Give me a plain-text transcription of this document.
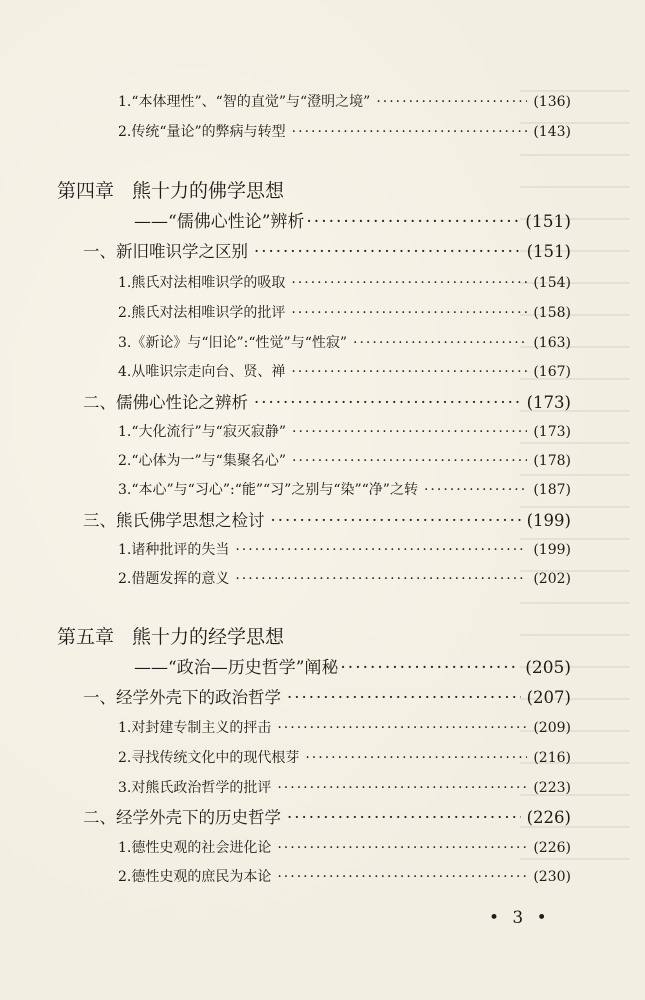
1.“本体理性”、“智的直觉”与“澄明之境” ·····	(136)
2.传统“量论”的弊病与转型 ·····	(143)
第四章 熊十力的佛学思想
——“儒佛心性论”辨析 ·····	(151)
一、新旧唯识学之区别 ·····	(151)
1.熊氏对法相唯识学的吸取 ·····	(154)
2.熊氏对法相唯识学的批评 ·····	(158)
3.《新论》与“旧论”:“性觉”与“性寂” ·····	(163)
4.从唯识宗走向台、贤、禅 ·····	(167)
二、儒佛心性论之辨析 ·····	(173)
1.“大化流行”与“寂灭寂静” ·····	(173)
2.“心体为一”与“集聚名心” ·····	(178)
3.“本心”与“习心”:“能”“习”之别与“染”“净”之转 ·····	(187)
三、熊氏佛学思想之检讨 ·····	(199)
1.诸种批评的失当 ·····	(199)
2.借题发挥的意义 ·····	(202)
第五章 熊十力的经学思想
——“政治—历史哲学”阐秘 ·····	(205)
一、经学外壳下的政治哲学 ·····	(207)
1.对封建专制主义的抨击 ·····	(209)
2.寻找传统文化中的现代根芽 ·····	(216)
3.对熊氏政治哲学的批评 ·····	(223)
二、经学外壳下的历史哲学 ·····	(226)
1.德性史观的社会进化论 ·····	(226)
2.德性史观的庶民为本论 ·····	(230)
• 3 •
